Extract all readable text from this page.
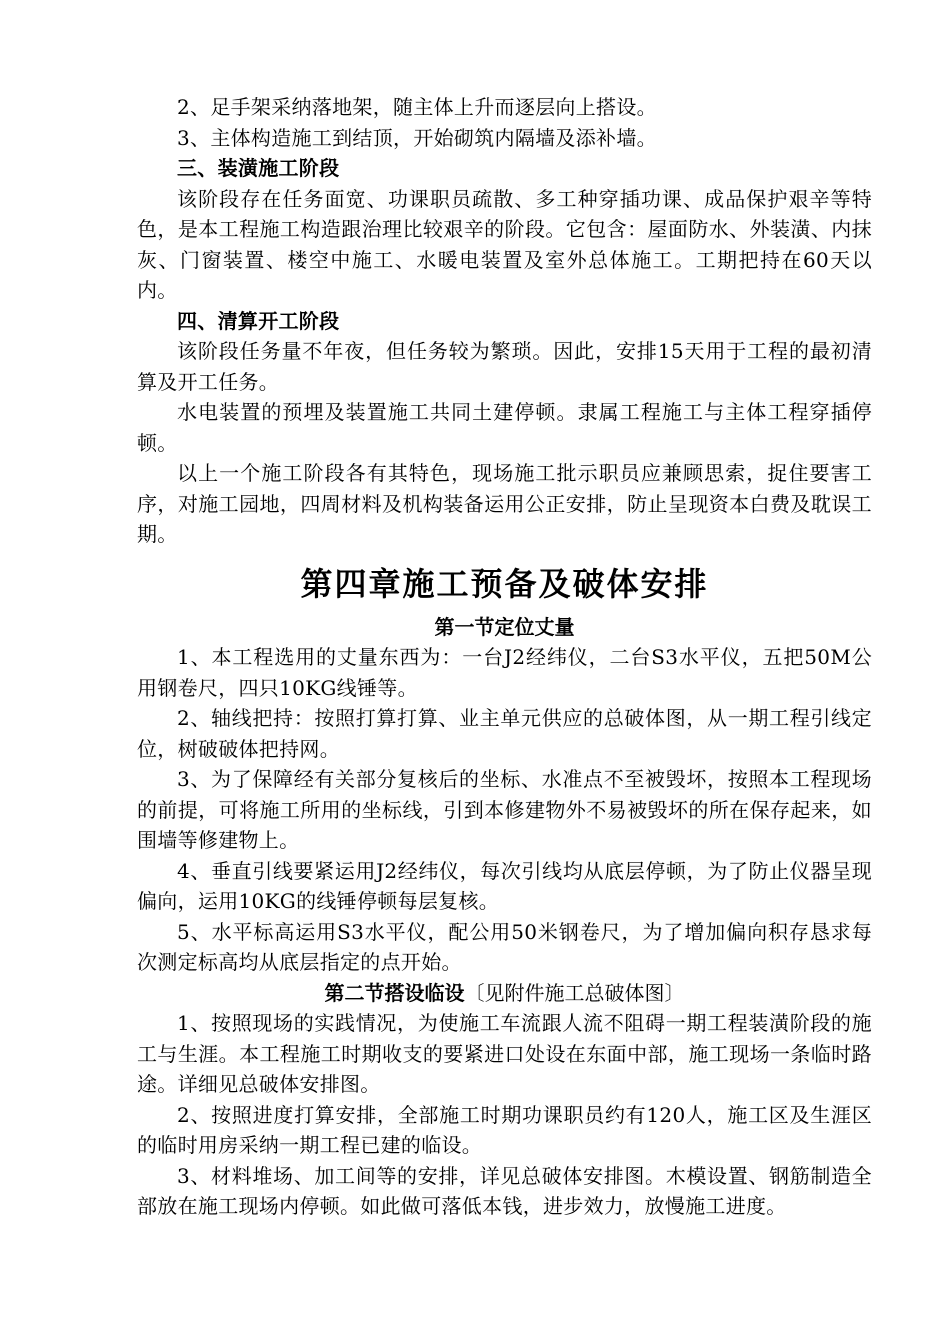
2、足手架采纳落地架，随主体上升而逐层向上搭设。

3、主体构造施工到结顶，开始砌筑内隔墙及添补墙。

三、装潢施工阶段

该阶段存在任务面宽、功课职员疏散、多工种穿插功课、成品保护艰辛等特色，是本工程施工构造跟治理比较艰辛的阶段。它包含：屋面防水、外装潢、内抹灰、门窗装置、楼空中施工、水暖电装置及室外总体施工。工期把持在60天以内。

四、清算开工阶段

该阶段任务量不年夜，但任务较为繁琐。因此，安排15天用于工程的最初清算及开工任务。

水电装置的预埋及装置施工共同土建停顿。隶属工程施工与主体工程穿插停顿。

以上一个施工阶段各有其特色，现场施工批示职员应兼顾思索，捉住要害工序，对施工园地，四周材料及机构装备运用公正安排，防止呈现资本白费及耽误工期。

第四章施工预备及破体安排

第一节定位丈量

1、本工程选用的丈量东西为：一台J2经纬仪，二台S3水平仪，五把50M公用钢卷尺，四只10KG线锤等。

2、轴线把持：按照打算打算、业主单元供应的总破体图，从一期工程引线定位，树破破体把持网。

3、为了保障经有关部分复核后的坐标、水准点不至被毁坏，按照本工程现场的前提，可将施工所用的坐标线，引到本修建物外不易被毁坏的所在保存起来，如围墙等修建物上。

4、垂直引线要紧运用J2经纬仪，每次引线均从底层停顿，为了防止仪器呈现偏向，运用10KG的线锤停顿每层复核。

5、水平标高运用S3水平仪，配公用50米钢卷尺，为了增加偏向积存恳求每次测定标高均从底层指定的点开始。

第二节搭设临设〔见附件施工总破体图〕

1、按照现场的实践情况，为使施工车流跟人流不阻碍一期工程装潢阶段的施工与生涯。本工程施工时期收支的要紧进口处设在东面中部，施工现场一条临时路途。详细见总破体安排图。

2、按照进度打算安排，全部施工时期功课职员约有120人，施工区及生涯区的临时用房采纳一期工程已建的临设。

3、材料堆场、加工间等的安排，详见总破体安排图。木模设置、钢筋制造全部放在施工现场内停顿。如此做可落低本钱，进步效力，放慢施工进度。
